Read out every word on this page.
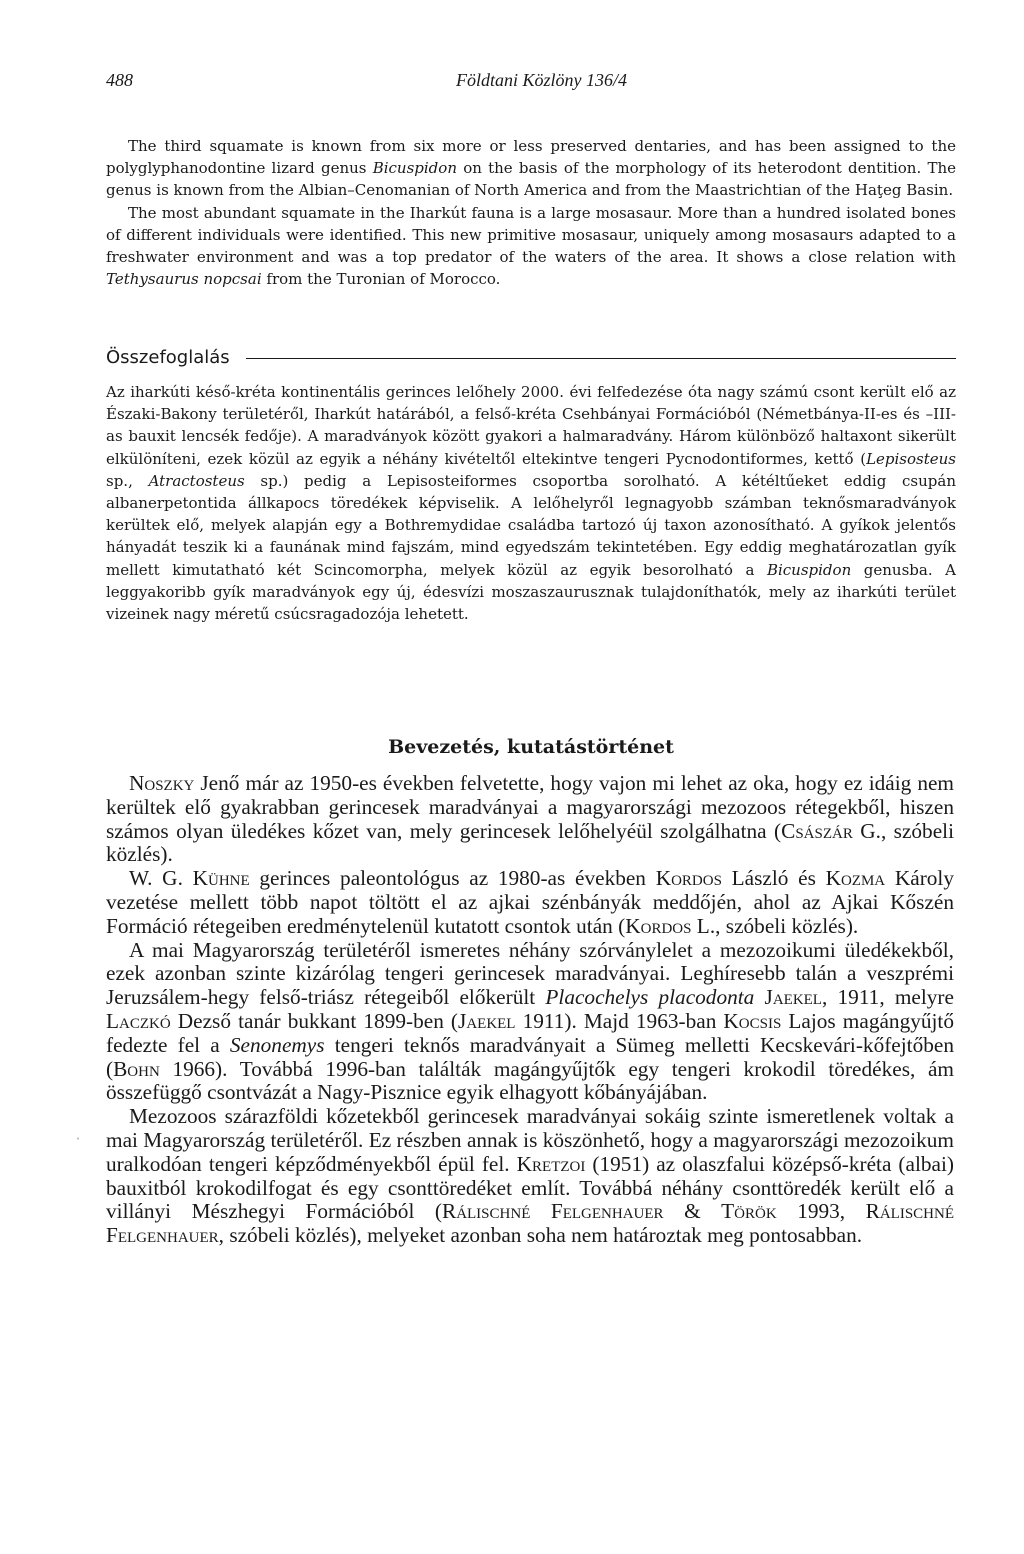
488	Földtani Közlöny 136/4

The third squamate is known from six more or less preserved dentaries, and has been assigned to the polyglyphanodontine lizard genus Bicuspidon on the basis of the morphology of its heterodont dentition. The genus is known from the Albian–Cenomanian of North America and from the Maastrichtian of the Haţeg Basin.

The most abundant squamate in the Iharkút fauna is a large mosasaur. More than a hundred isolated bones of different individuals were identified. This new primitive mosasaur, uniquely among mosasaurs adapted to a freshwater environment and was a top predator of the waters of the area. It shows a close relation with Tethysaurus nopcsai from the Turonian of Morocco.

Összefoglalás

Az iharkúti késő-kréta kontinentális gerinces lelőhely 2000. évi felfedezése óta nagy számú csont került elő az Északi-Bakony területéről, Iharkút határából, a felső-kréta Csehbányai Formációból (Németbánya-II-es és –III-as bauxit lencsék fedője). A maradványok között gyakori a halmaradvány. Három különböző haltaxont sikerült elkülöníteni, ezek közül az egyik a néhány kivételtől eltekintve tengeri Pycnodontiformes, kettő (Lepisosteus sp., Atractosteus sp.) pedig a Lepisosteiformes csoportba sorolható. A kétéltűeket eddig csupán albanerpetontida állkapocs töredékek képviselik. A lelőhelyről legnagyobb számban teknősmaradványok kerültek elő, melyek alapján egy a Bothremydidae családba tartozó új taxon azonosítható. A gyíkok jelentős hányadát teszik ki a faunának mind fajszám, mind egyedszám tekintetében. Egy eddig meghatározatlan gyík mellett kimutatható két Scincomorpha, melyek közül az egyik besorolható a Bicuspidon genusba. A leggyakoribb gyík maradványok egy új, édesvízi moszaszaurusznak tulajdoníthatók, mely az iharkúti terület vizeinek nagy méretű csúcsragadozója lehetett.

Bevezetés, kutatástörténet

Noszky Jenő már az 1950-es években felvetette, hogy vajon mi lehet az oka, hogy ez idáig nem kerültek elő gyakrabban gerincesek maradványai a magyarországi mezozoos rétegekből, hiszen számos olyan üledékes kőzet van, mely gerincesek lelőhelyéül szolgálhatna (Császár G., szóbeli közlés).

W. G. Kühne gerinces paleontológus az 1980-as években Kordos László és Kozma Károly vezetése mellett több napot töltött el az ajkai szénbányák meddőjén, ahol az Ajkai Kőszén Formáció rétegeiben eredménytelenül kutatott csontok után (Kordos L., szóbeli közlés).

A mai Magyarország területéről ismeretes néhány szórványlelet a mezozoikumi üledékekből, ezek azonban szinte kizárólag tengeri gerincesek maradványai. Leghíresebb talán a veszprémi Jeruzsálem-hegy felső-triász rétegeiből előkerült Placochelys placodonta Jaekel, 1911, melyre Laczkó Dezső tanár bukkant 1899-ben (Jaekel 1911). Majd 1963-ban Kocsis Lajos magángyűjtő fedezte fel a Senonemys tengeri teknős maradványait a Sümeg melletti Kecskevári-kőfejtőben (Bohn 1966). Továbbá 1996-ban találták magángyűjtők egy tengeri krokodil töredékes, ám összefüggő csontvázát a Nagy-Pisznice egyik elhagyott kőbányájában.

Mezozoos szárazföldi kőzetekből gerincesek maradványai sokáig szinte ismeretlenek voltak a mai Magyarország területéről. Ez részben annak is köszönhető, hogy a magyarországi mezozoikum uralkodóan tengeri képződményekből épül fel. Kretzoi (1951) az olaszfalui középső-kréta (albai) bauxitból krokodilfogat és egy csonttöredéket említ. Továbbá néhány csonttöredék került elő a villányi Mészhegyi Formációból (Rálischné Felgenhauer & Török 1993, Rálischné Felgenhauer, szóbeli közlés), melyeket azonban soha nem határoztak meg pontosabban.

ˌ
